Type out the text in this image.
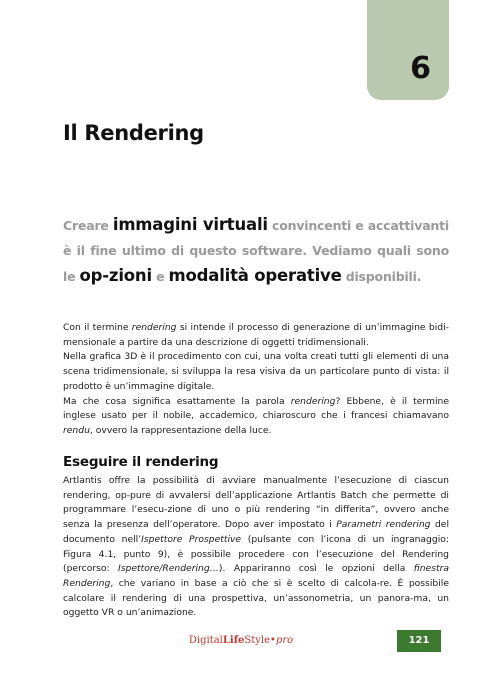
6
Il Rendering

Creare immagini virtuali convincenti e accattivanti è il fine ultimo di questo software. Vediamo quali sono le op-zioni e modalità operative disponibili.

Con il termine rendering si intende il processo di generazione di un’immagine bidi-mensionale a partire da una descrizione di oggetti tridimensionali.

Nella grafica 3D è il procedimento con cui, una volta creati tutti gli elementi di una scena tridimensionale, si sviluppa la resa visiva da un particolare punto di vista: il prodotto è un’immagine digitale.

Ma che cosa significa esattamente la parola rendering? Ebbene, è il termine inglese usato per il nobile, accademico, chiaroscuro che i francesi chiamavano rendu, ovvero la rappresentazione della luce.

Eseguire il rendering

Artlantis offre la possibilità di avviare manualmente l’esecuzione di ciascun rendering, op-pure di avvalersi dell’applicazione Artlantis Batch che permette di programmare l’esecu-zione di uno o più rendering “in differita”, ovvero anche senza la presenza dell’operatore. Dopo aver impostato i Parametri rendering del documento nell’Ispettore Prospettive (pulsante con l’icona di un ingranaggio: Figura 4.1, punto 9), è possibile procedere con l’esecuzione del Rendering (percorso: Ispettore/Rendering…). Appariranno così le opzioni della finestra Rendering, che variano in base a ciò che si è scelto di calcola-re. È possibile calcolare il rendering di una prospettiva, un’assonometria, un panora-ma, un oggetto VR o un’animazione.

DigitalLifeStyle•pro	121
